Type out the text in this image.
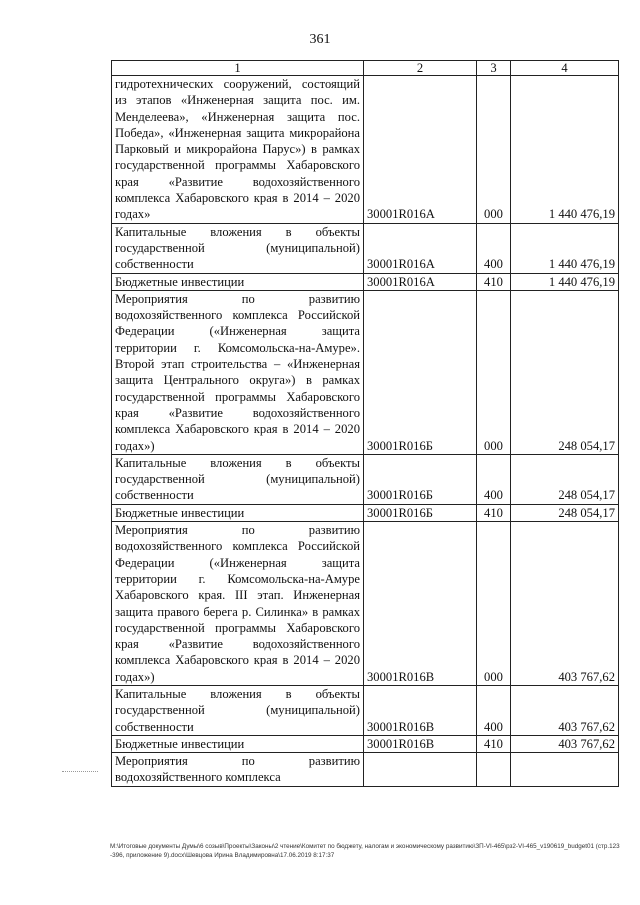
361
1	2	3	4
гидротехнических сооружений, состоящий из этапов «Инженерная защита пос. им. Менделеева», «Инженерная защита пос. Победа», «Инженерная защита микрорайона Парковый и микрорайона Парус») в рамках государственной программы Хабаровского края «Развитие водохозяйственного комплекса Хабаровского края в 2014 – 2020 годах»	30001R016А	000	1 440 476,19
Капитальные вложения в объекты государственной (муниципальной) собственности	30001R016А	400	1 440 476,19
Бюджетные инвестиции	30001R016А	410	1 440 476,19
Мероприятия по развитию водохозяйственного комплекса Российской Федерации («Инженерная защита территории г. Комсомольска-на-Амуре». Второй этап строительства – «Инженерная защита Центрального округа») в рамках государственной программы Хабаровского края «Развитие водохозяйственного комплекса Хабаровского края в 2014 – 2020 годах»)	30001R016Б	000	248 054,17
Капитальные вложения в объекты государственной (муниципальной) собственности	30001R016Б	400	248 054,17
Бюджетные инвестиции	30001R016Б	410	248 054,17
Мероприятия по развитию водохозяйственного комплекса Российской Федерации («Инженерная защита территории г. Комсомольска-на-Амуре Хабаровского края. III этап. Инженерная защита правого берега р. Силинка» в рамках государственной программы Хабаровского края «Развитие водохозяйственного комплекса Хабаровского края в 2014 – 2020 годах»)	30001R016В	000	403 767,62
Капитальные вложения в объекты государственной (муниципальной) собственности	30001R016В	400	403 767,62
Бюджетные инвестиции	30001R016В	410	403 767,62
Мероприятия по развитию водохозяйственного комплекса			
M:\Итоговые документы Думы\6 созыв\Проекты\Законы\2 чтение\Комитет по бюджету, налогам и экономическому развитию\ЗП-VI-465\рз2-VI-465_v190619_budget01 (стр.123-396, приложение 9).docx\Шевцова Ирина Владимировна\17.06.2019 8:17:37
